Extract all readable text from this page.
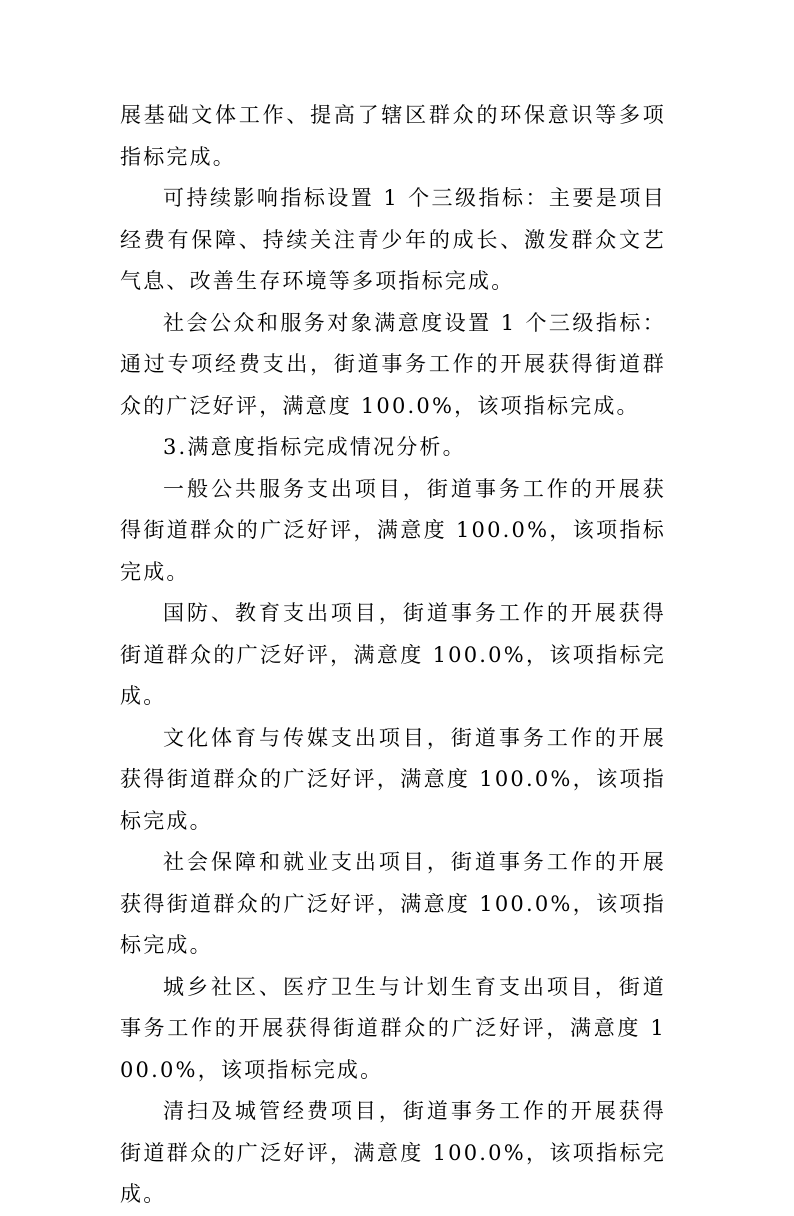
展基础文体工作、提高了辖区群众的环保意识等多项指标完成。

可持续影响指标设置 1 个三级指标：主要是项目经费有保障、持续关注青少年的成长、激发群众文艺气息、改善生存环境等多项指标完成。

社会公众和服务对象满意度设置 1 个三级指标：通过专项经费支出，街道事务工作的开展获得街道群众的广泛好评，满意度 100.0%，该项指标完成。

3.满意度指标完成情况分析。

一般公共服务支出项目，街道事务工作的开展获得街道群众的广泛好评，满意度 100.0%，该项指标完成。

国防、教育支出项目，街道事务工作的开展获得街道群众的广泛好评，满意度 100.0%，该项指标完成。

文化体育与传媒支出项目，街道事务工作的开展获得街道群众的广泛好评，满意度 100.0%，该项指标完成。

社会保障和就业支出项目，街道事务工作的开展获得街道群众的广泛好评，满意度 100.0%，该项指标完成。

城乡社区、医疗卫生与计划生育支出项目，街道事务工作的开展获得街道群众的广泛好评，满意度 100.0%，该项指标完成。

清扫及城管经费项目，街道事务工作的开展获得街道群众的广泛好评，满意度 100.0%，该项指标完成。
